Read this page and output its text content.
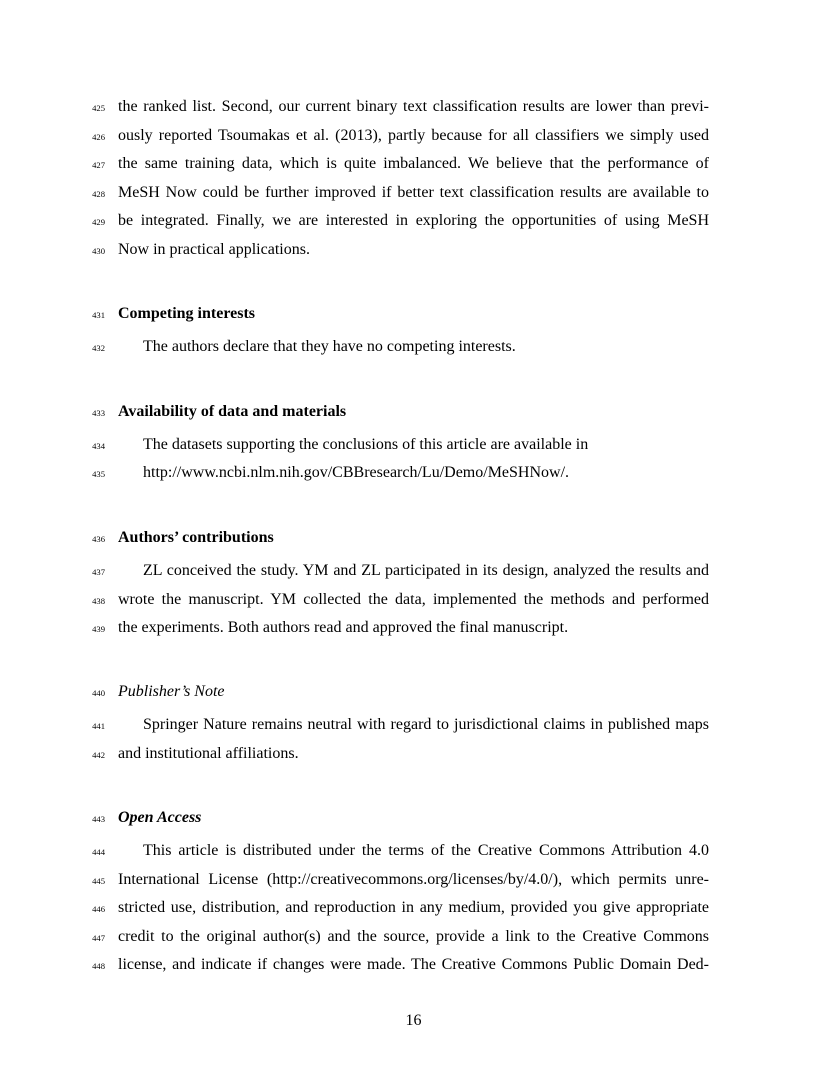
425 the ranked list. Second, our current binary text classification results are lower than previ-
426 ously reported Tsoumakas et al. (2013), partly because for all classifiers we simply used
427 the same training data, which is quite imbalanced. We believe that the performance of
428 MeSH Now could be further improved if better text classification results are available to
429 be integrated. Finally, we are interested in exploring the opportunities of using MeSH
430 Now in practical applications.
431 Competing interests
432 The authors declare that they have no competing interests.
433 Availability of data and materials
434 The datasets supporting the conclusions of this article are available in
435 http://www.ncbi.nlm.nih.gov/CBBresearch/Lu/Demo/MeSHNow/.
436 Authors’ contributions
437 ZL conceived the study. YM and ZL participated in its design, analyzed the results and
438 wrote the manuscript. YM collected the data, implemented the methods and performed
439 the experiments. Both authors read and approved the final manuscript.
440 Publisher’s Note
441 Springer Nature remains neutral with regard to jurisdictional claims in published maps
442 and institutional affiliations.
443 Open Access
444 This article is distributed under the terms of the Creative Commons Attribution 4.0
445 International License (http://creativecommons.org/licenses/by/4.0/), which permits unre-
446 stricted use, distribution, and reproduction in any medium, provided you give appropriate
447 credit to the original author(s) and the source, provide a link to the Creative Commons
448 license, and indicate if changes were made. The Creative Commons Public Domain Ded-
16
